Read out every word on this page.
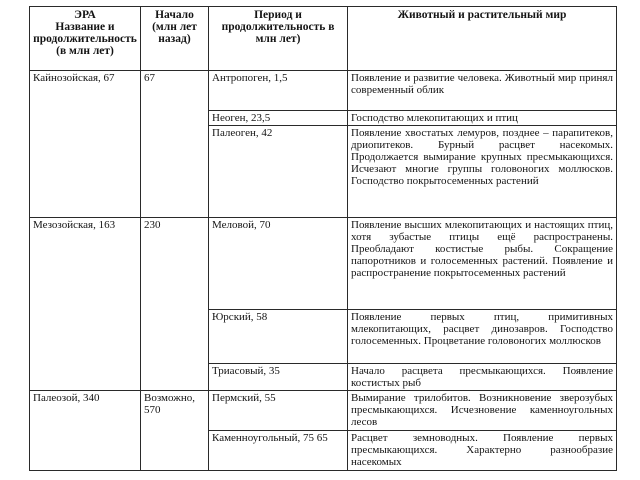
ЭРА
Название и продолжительность (в млн лет)	Начало (млн лет назад)	Период и продолжительность в млн лет)	Животный и растительный мир
Кайнозойская, 67	67	Антропоген, 1,5	Появление и развитие человека. Животный мир принял современный облик
		Неоген, 23,5	Господство млекопитающих и птиц
		Палеоген, 42	Появление хвостатых лемуров, позднее – парапитеков, дриопитеков. Бурный расцвет насекомых. Продолжается вымирание крупных пресмыкающихся. Исчезают многие группы головоногих моллюсков. Господство покрытосеменных растений
Мезозойская, 163	230	Меловой, 70	Появление высших млекопитающих и настоящих птиц, хотя зубастые птицы ещё распространены. Преобладают костистые рыбы. Сокращение папоротников и голосеменных растений. Появление и распространение покрытосеменных растений
		Юрский, 58	Появление первых птиц, примитивных млекопитающих, расцвет динозавров. Господство голосеменных. Процветание головоногих моллюсков
		Триасовый, 35	Начало расцвета пресмыкающихся. Появление костистых рыб
Палеозой, 340	Возможно, 570	Пермский, 55	Вымирание трилобитов. Возникновение зверозубых пресмыкающихся. Исчезновение каменноугольных лесов
		Каменноугольный, 75 65	Расцвет земноводных. Появление первых пресмыкающихся. Характерно разнообразие насекомых
